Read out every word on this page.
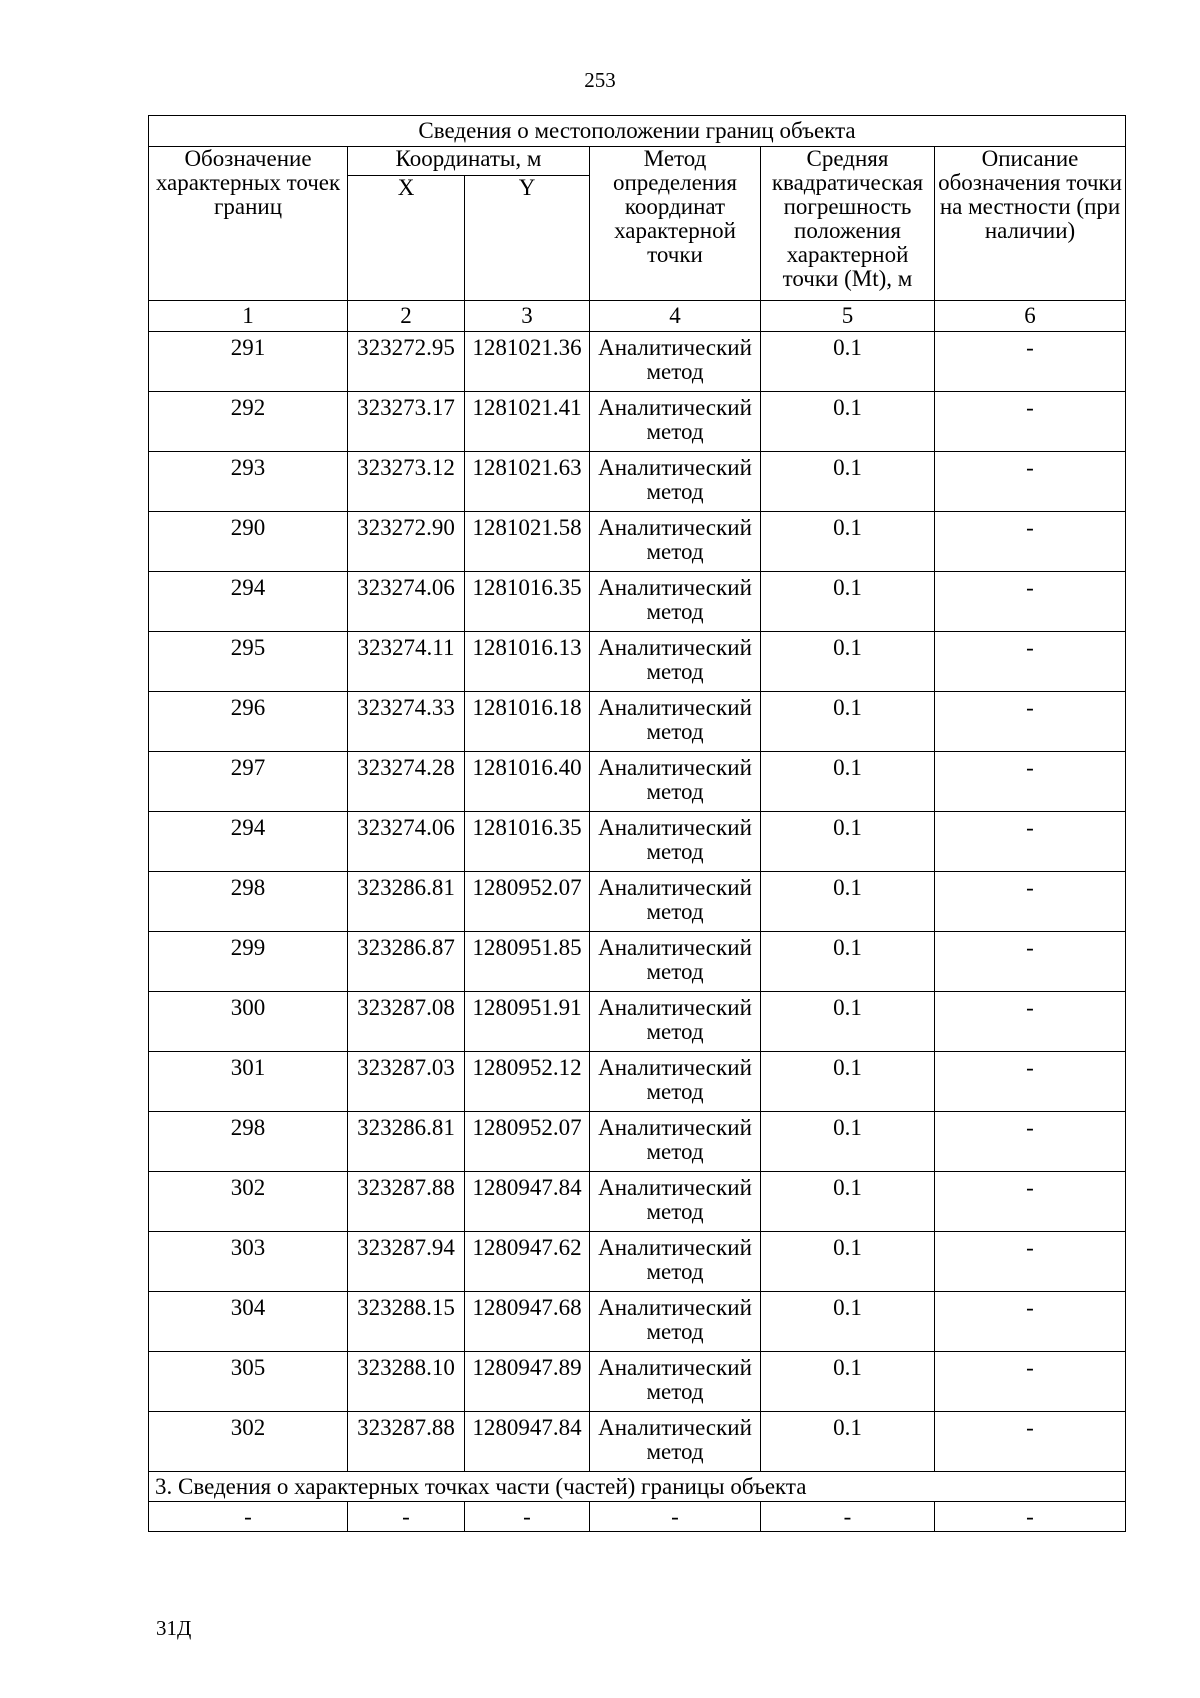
253
Сведения о местоположении границ объекта					
Обозначение характерных точек границ	Координаты, м		Метод определения координат характерной точки	Средняя квадратическая погрешность положения характерной точки (Mt), м	Описание обозначения точки на местности (при наличии)
	X	Y			
1	2	3	4	5	6
291	323272.95	1281021.36	Аналитический метод	0.1	-
292	323273.17	1281021.41	Аналитический метод	0.1	-
293	323273.12	1281021.63	Аналитический метод	0.1	-
290	323272.90	1281021.58	Аналитический метод	0.1	-
294	323274.06	1281016.35	Аналитический метод	0.1	-
295	323274.11	1281016.13	Аналитический метод	0.1	-
296	323274.33	1281016.18	Аналитический метод	0.1	-
297	323274.28	1281016.40	Аналитический метод	0.1	-
294	323274.06	1281016.35	Аналитический метод	0.1	-
298	323286.81	1280952.07	Аналитический метод	0.1	-
299	323286.87	1280951.85	Аналитический метод	0.1	-
300	323287.08	1280951.91	Аналитический метод	0.1	-
301	323287.03	1280952.12	Аналитический метод	0.1	-
298	323286.81	1280952.07	Аналитический метод	0.1	-
302	323287.88	1280947.84	Аналитический метод	0.1	-
303	323287.94	1280947.62	Аналитический метод	0.1	-
304	323288.15	1280947.68	Аналитический метод	0.1	-
305	323288.10	1280947.89	Аналитический метод	0.1	-
302	323287.88	1280947.84	Аналитический метод	0.1	-
3. Сведения о характерных точках части (частей) границы объекта					
-	-	-	-	-	-
31Д
